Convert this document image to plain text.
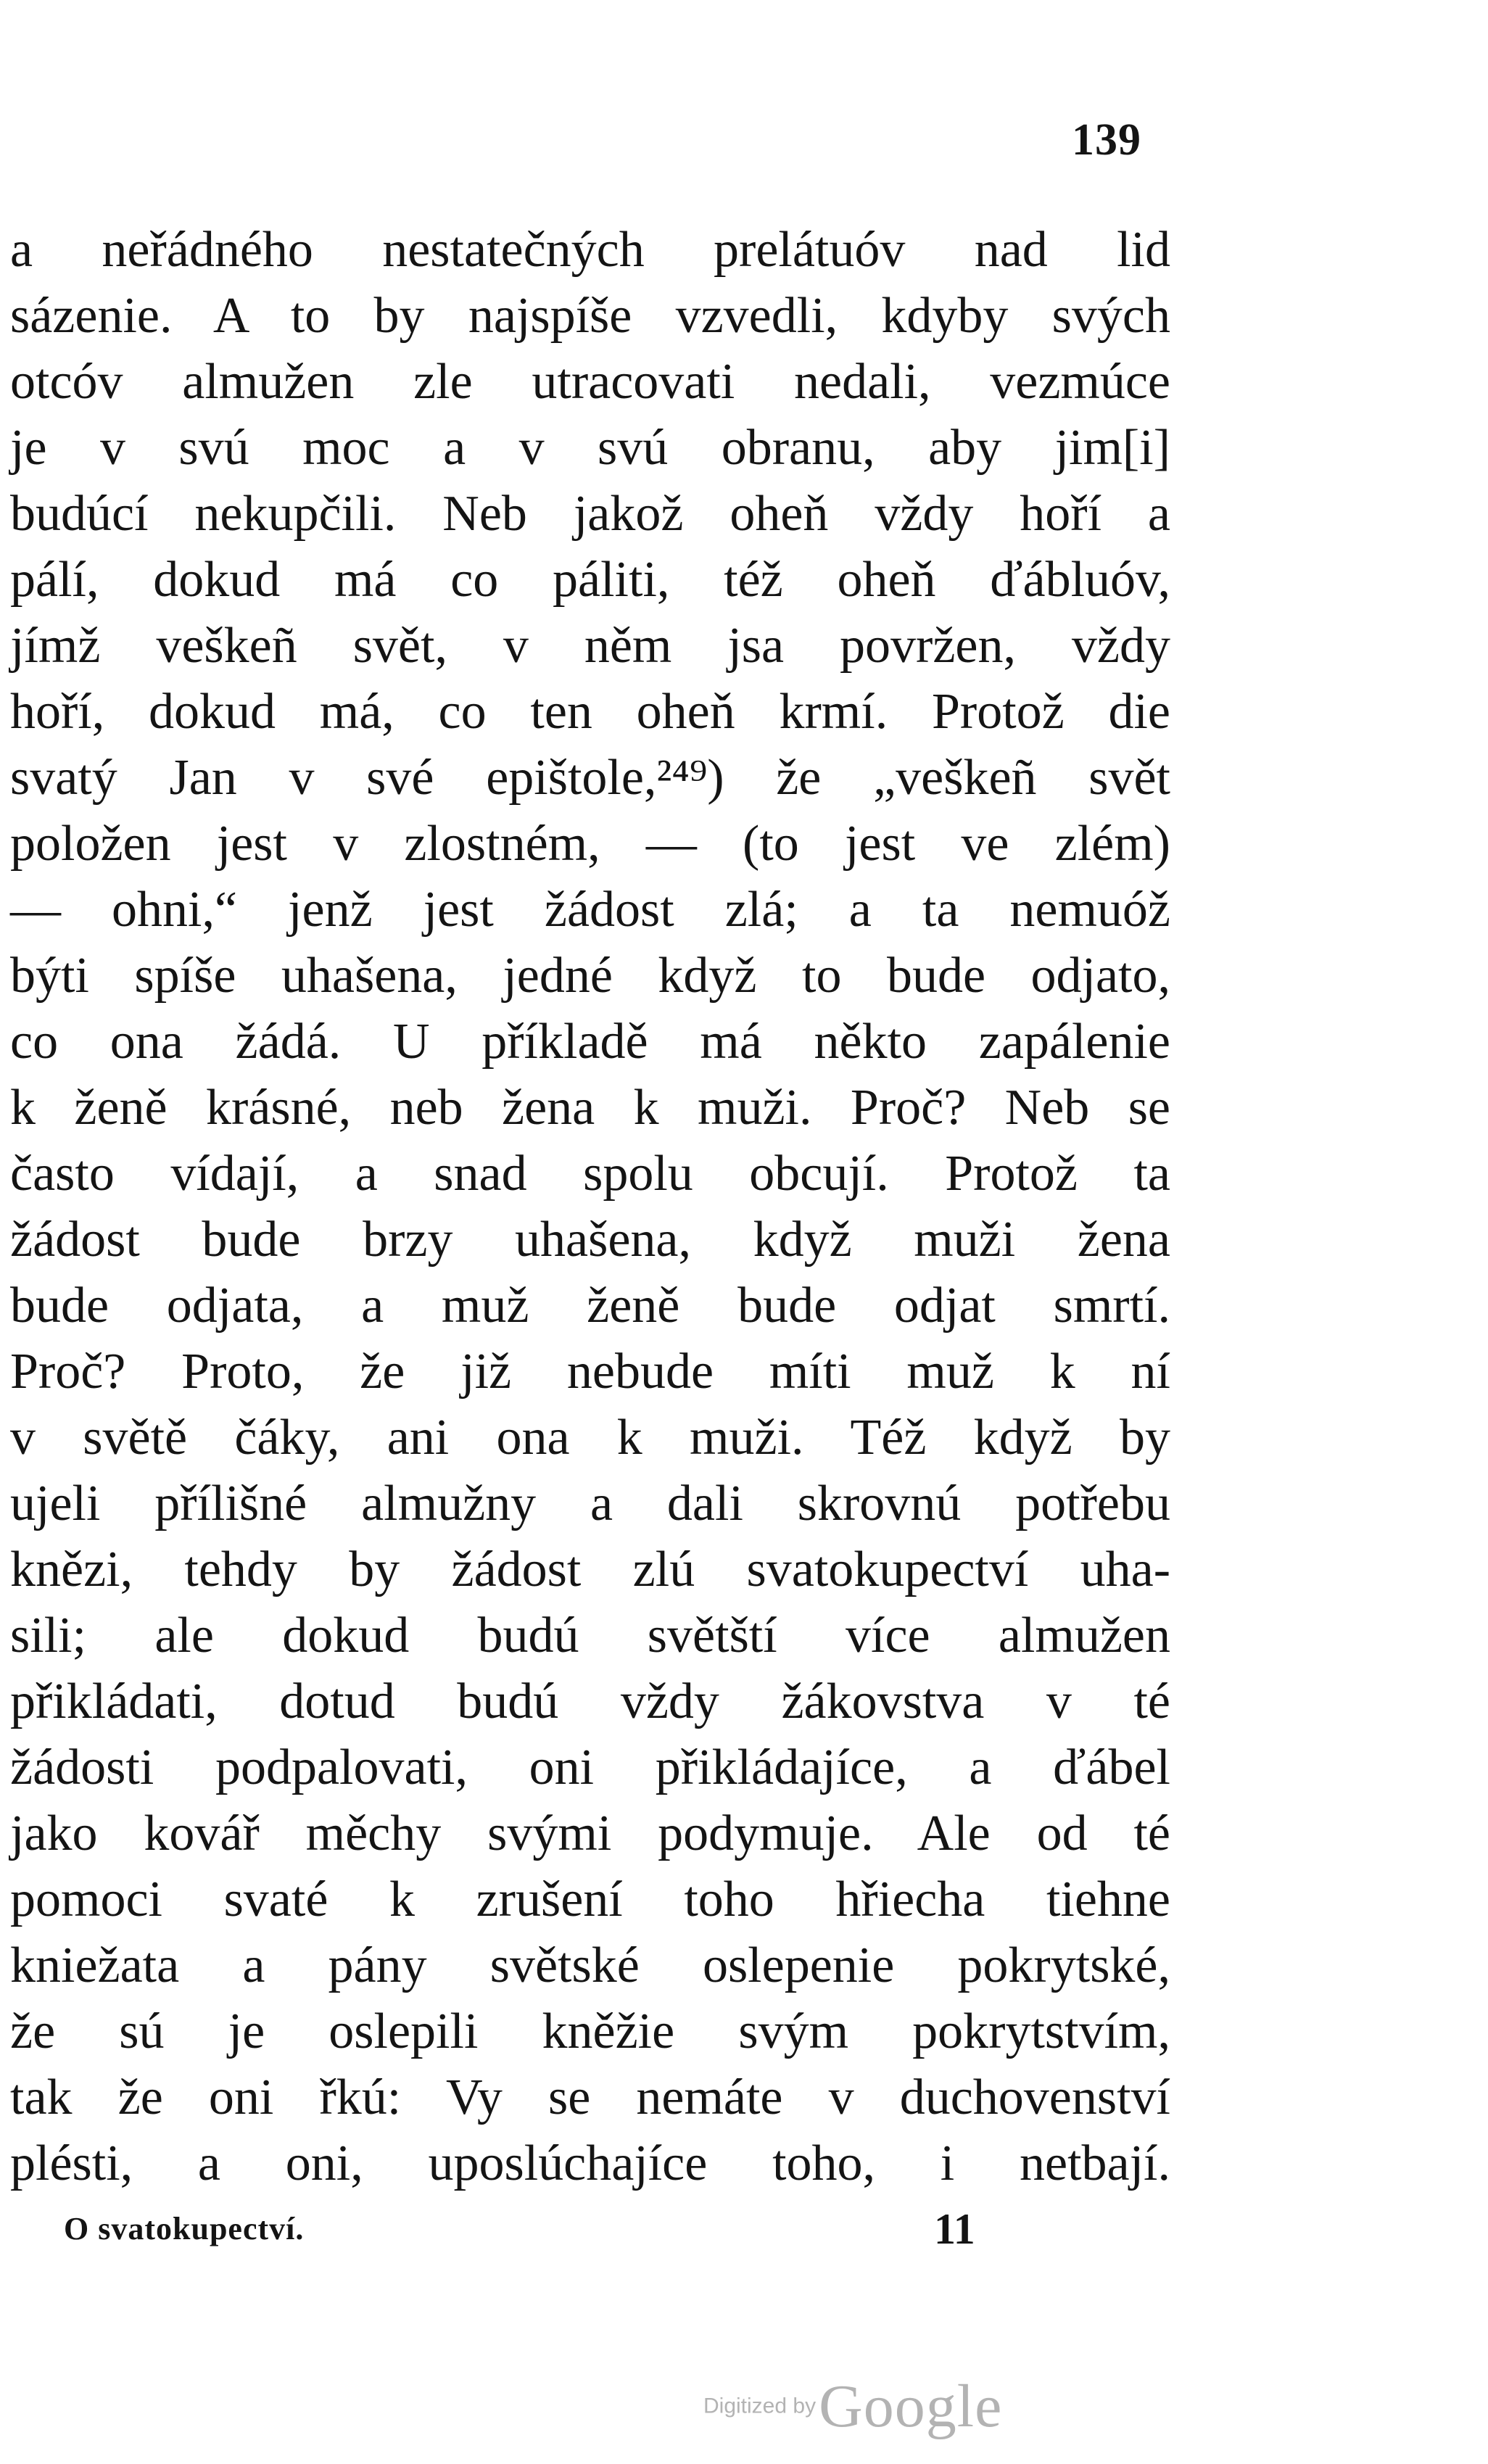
139
a neřádného nestatečných prelátuóv nad lid
sázenie. A to by najspíše vzvedli, kdyby svých
otcóv almužen zle utracovati nedali, vezmúce
je v svú moc a v svú obranu, aby jim[i]
budúcí nekupčili. Neb jakož oheň vždy hoří a
pálí, dokud má co páliti, též oheň ďábluóv,
jímž veškeñ svět, v něm jsa povržen, vždy
hoří, dokud má, co ten oheň krmí. Protož die
svatý Jan v své epištole,²⁴⁹) že „veškeñ svět
položen jest v zlostném, — (to jest ve zlém)
— ohni,“ jenž jest žádost zlá; a ta nemuóž
býti spíše uhašena, jedné když to bude odjato,
co ona žádá. U příkladě má někto zapálenie
k ženě krásné, neb žena k muži. Proč? Neb se
často vídají, a snad spolu obcují. Protož ta
žádost bude brzy uhašena, když muži žena
bude odjata, a muž ženě bude odjat smrtí.
Proč? Proto, že již nebude míti muž k ní
v světě čáky, ani ona k muži. Též když by
ujeli přílišné almužny a dali skrovnú potřebu
knězi, tehdy by žádost zlú svatokupectví uha-
sili; ale dokud budú světští více almužen
přikládati, dotud budú vždy žákovstva v té
žádosti podpalovati, oni přikládajíce, a ďábel
jako kovář měchy svými podymuje. Ale od té
pomoci svaté k zrušení toho hřiecha tiehne
kniežata a pány světské oslepenie pokrytské,
že sú je oslepili kněžie svým pokrytstvím,
tak že oni řkú: Vy se nemáte v duchovenství
plésti, a oni, uposlúchajíce toho, i netbají.
O svatokupectví.	11
Digitized by Google
